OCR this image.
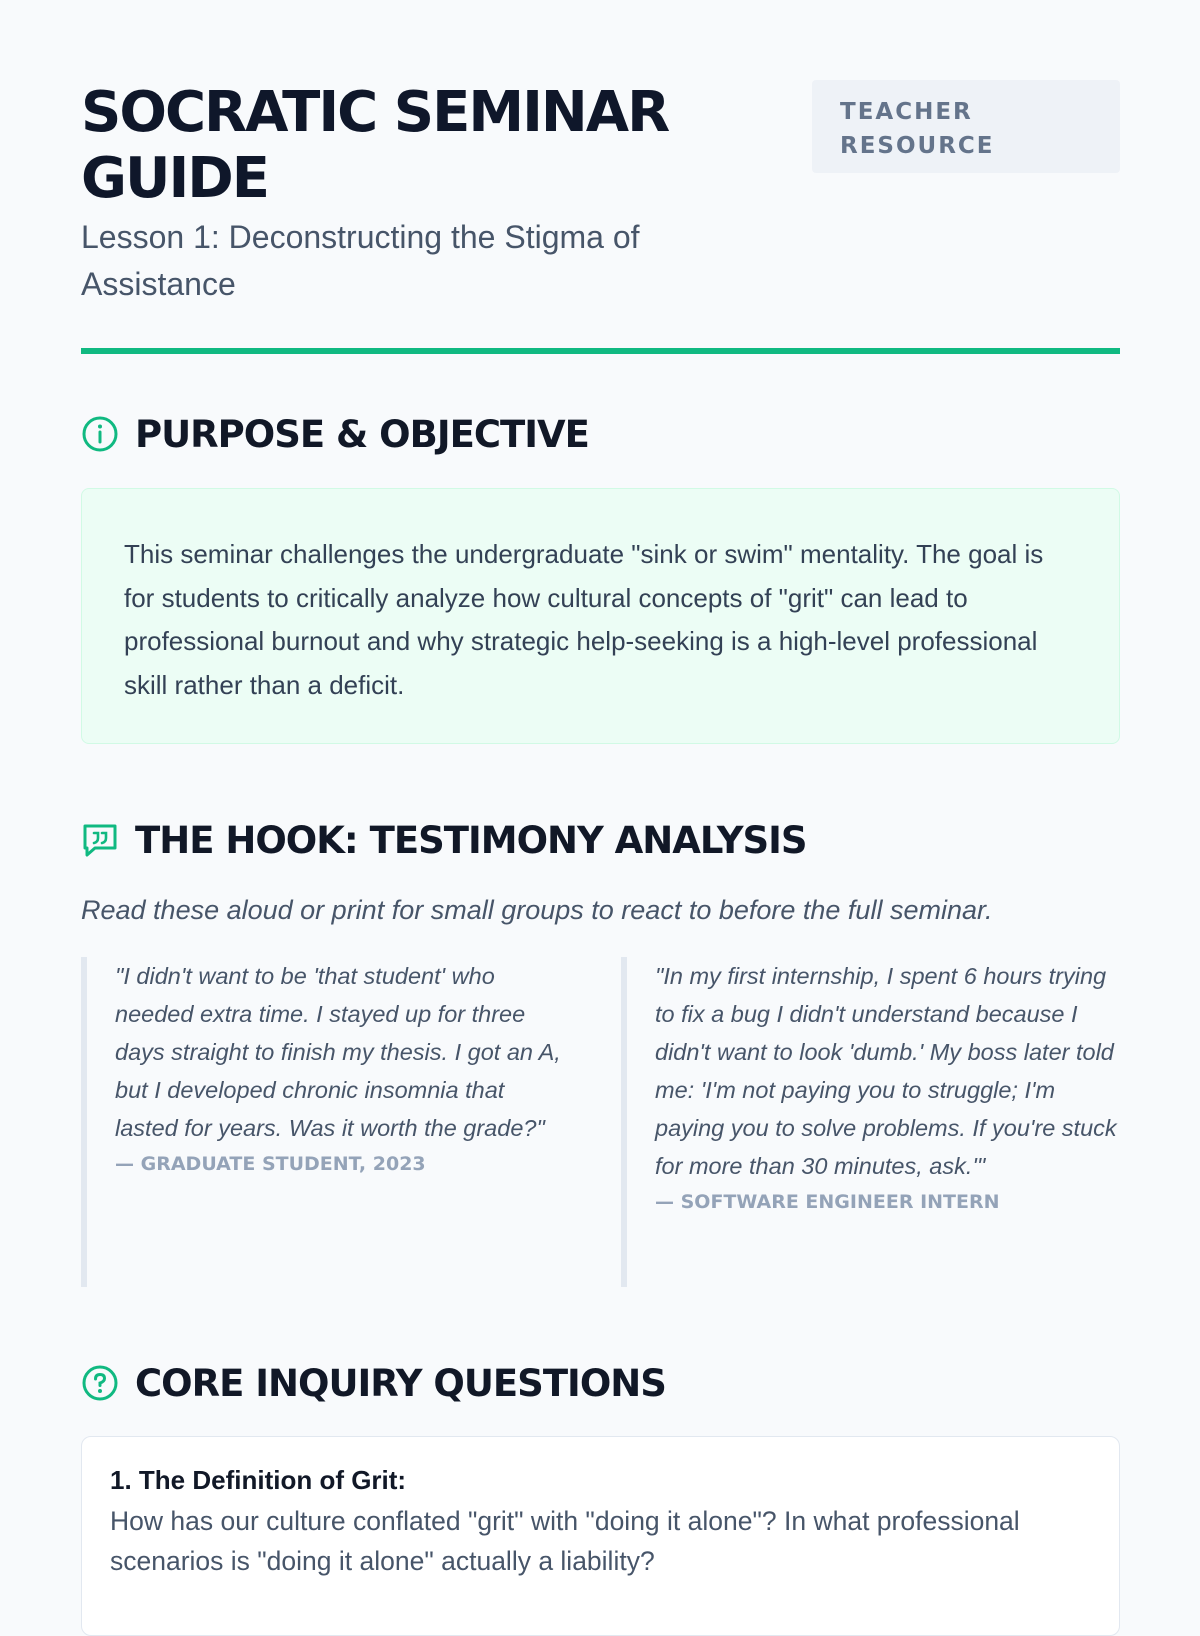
SOCRATIC SEMINAR GUIDE

Lesson 1: Deconstructing the Stigma of Assistance

TEACHER RESOURCE
PURPOSE & OBJECTIVE

This seminar challenges the undergraduate "sink or swim" mentality. The goal is for students to critically analyze how cultural concepts of "grit" can lead to professional burnout and why strategic help-seeking is a high-level professional skill rather than a deficit.

THE HOOK: TESTIMONY ANALYSIS

Read these aloud or print for small groups to react to before the full seminar.

"I didn't want to be 'that student' who needed extra time. I stayed up for three days straight to finish my thesis. I got an A, but I developed chronic insomnia that lasted for years. Was it worth the grade?"

— GRADUATE STUDENT, 2023

"In my first internship, I spent 6 hours trying to fix a bug I didn't understand because I didn't want to look 'dumb.' My boss later told me: 'I'm not paying you to struggle; I'm paying you to solve problems. If you're stuck for more than 30 minutes, ask.'"

— SOFTWARE ENGINEER INTERN

CORE INQUIRY QUESTIONS

1. The Definition of Grit:

How has our culture conflated "grit" with "doing it alone"? In what professional scenarios is "doing it alone" actually a liability?
